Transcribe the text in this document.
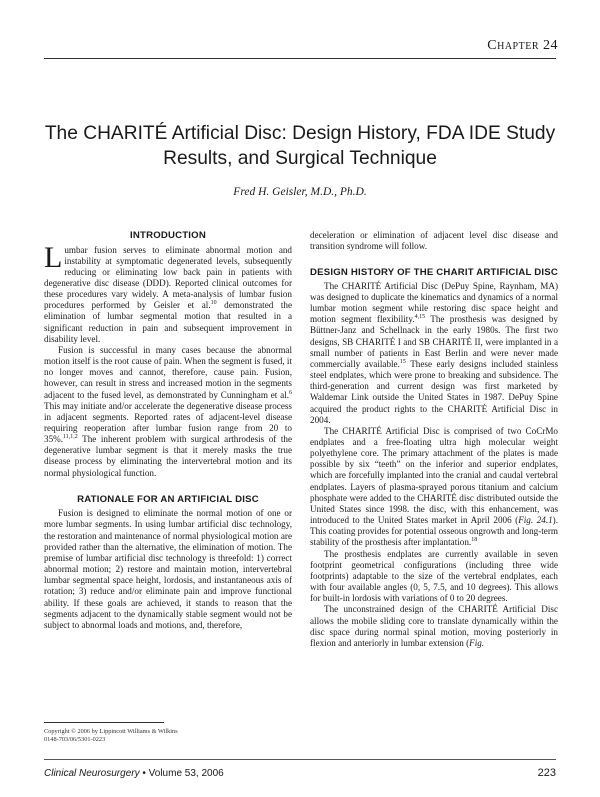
Chapter 24
The CHARITÉ Artificial Disc: Design History, FDA IDE Study Results, and Surgical Technique
Fred H. Geisler, M.D., Ph.D.
INTRODUCTION

Lumbar fusion serves to eliminate abnormal motion and instability at symptomatic degenerated levels, subsequently reducing or eliminating low back pain in patients with degenerative disc disease (DDD). Reported clinical outcomes for these procedures vary widely. A meta-analysis of lumbar fusion procedures performed by Geisler et al.$^{10}$ demonstrated the elimination of lumbar segmental motion that resulted in a significant reduction in pain and subsequent improvement in disability level.

Fusion is successful in many cases because the abnormal motion itself is the root cause of pain. When the segment is fused, it no longer moves and cannot, therefore, cause pain. Fusion, however, can result in stress and increased motion in the segments adjacent to the fused level, as demonstrated by Cunningham et al.$^6$ This may initiate and/or accelerate the degenerative disease process in adjacent segments. Reported rates of adjacent-level disease requiring reoperation after lumbar fusion range from 20 to 35%.$^{11,1,2}$ The inherent problem with surgical arthrodesis of the degenerative lumbar segment is that it merely masks the true disease process by eliminating the intervertebral motion and its normal physiological function.

RATIONALE FOR AN ARTIFICIAL DISC

Fusion is designed to eliminate the normal motion of one or more lumbar segments. In using lumbar artificial disc technology, the restoration and maintenance of normal physiological motion are provided rather than the alternative, the elimination of motion. The premise of lumbar artificial disc technology is threefold: 1) correct abnormal motion; 2) restore and maintain motion, intervertebral lumbar segmental space height, lordosis, and instantaneous axis of rotation; 3) reduce and/or eliminate pain and improve functional ability. If these goals are achieved, it stands to reason that the segments adjacent to the dynamically stable segment would not be subject to abnormal loads and motions, and, therefore,

deceleration or elimination of adjacent level disc disease and transition syndrome will follow.

DESIGN HISTORY OF THE CHARIT ARTIFICIAL DISC

The CHARITÉ Artificial Disc (DePuy Spine, Raynham, MA) was designed to duplicate the kinematics and dynamics of a normal lumbar motion segment while restoring disc space height and motion segment flexibility.$^{4,15}$ The prosthesis was designed by Büttner-Janz and Schellnack in the early 1980s. The first two designs, SB CHARITÉ I and SB CHARITÉ II, were implanted in a small number of patients in East Berlin and were never made commercially available.$^{15}$ These early designs included stainless steel endplates, which were prone to breaking and subsidence. The third-generation and current design was first marketed by Waldemar Link outside the United States in 1987. DePuy Spine acquired the product rights to the CHARITÉ Artificial Disc in 2004.

The CHARITÉ Artificial Disc is comprised of two CoCrMo endplates and a free-floating ultra high molecular weight polyethylene core. The primary attachment of the plates is made possible by six “teeth” on the inferior and superior endplates, which are forcefully implanted into the cranial and caudal vertebral endplates. Layers of plasma-sprayed porous titanium and calcium phosphate were added to the CHARITÉ disc distributed outside the United States since 1998. the disc, with this enhancement, was introduced to the United States market in April 2006 (Fig. 24.1). This coating provides for potential osseous ongrowth and long-term stability of the prosthesis after implantation.$^{18}$

The prosthesis endplates are currently available in seven footprint geometrical configurations (including three wide footprints) adaptable to the size of the vertebral endplates, each with four available angles (0, 5, 7.5, and 10 degrees). This allows for built-in lordosis with variations of 0 to 20 degrees.

The unconstrained design of the CHARITÉ Artificial Disc allows the mobile sliding core to translate dynamically within the disc space during normal spinal motion, moving posteriorly in flexion and anteriorly in lumbar extension (Fig.

Copyright © 2006 by Lippincott Williams & Wilkins
0148-703/06/5301-0223
Clinical Neurosurgery • Volume 53, 2006	223
